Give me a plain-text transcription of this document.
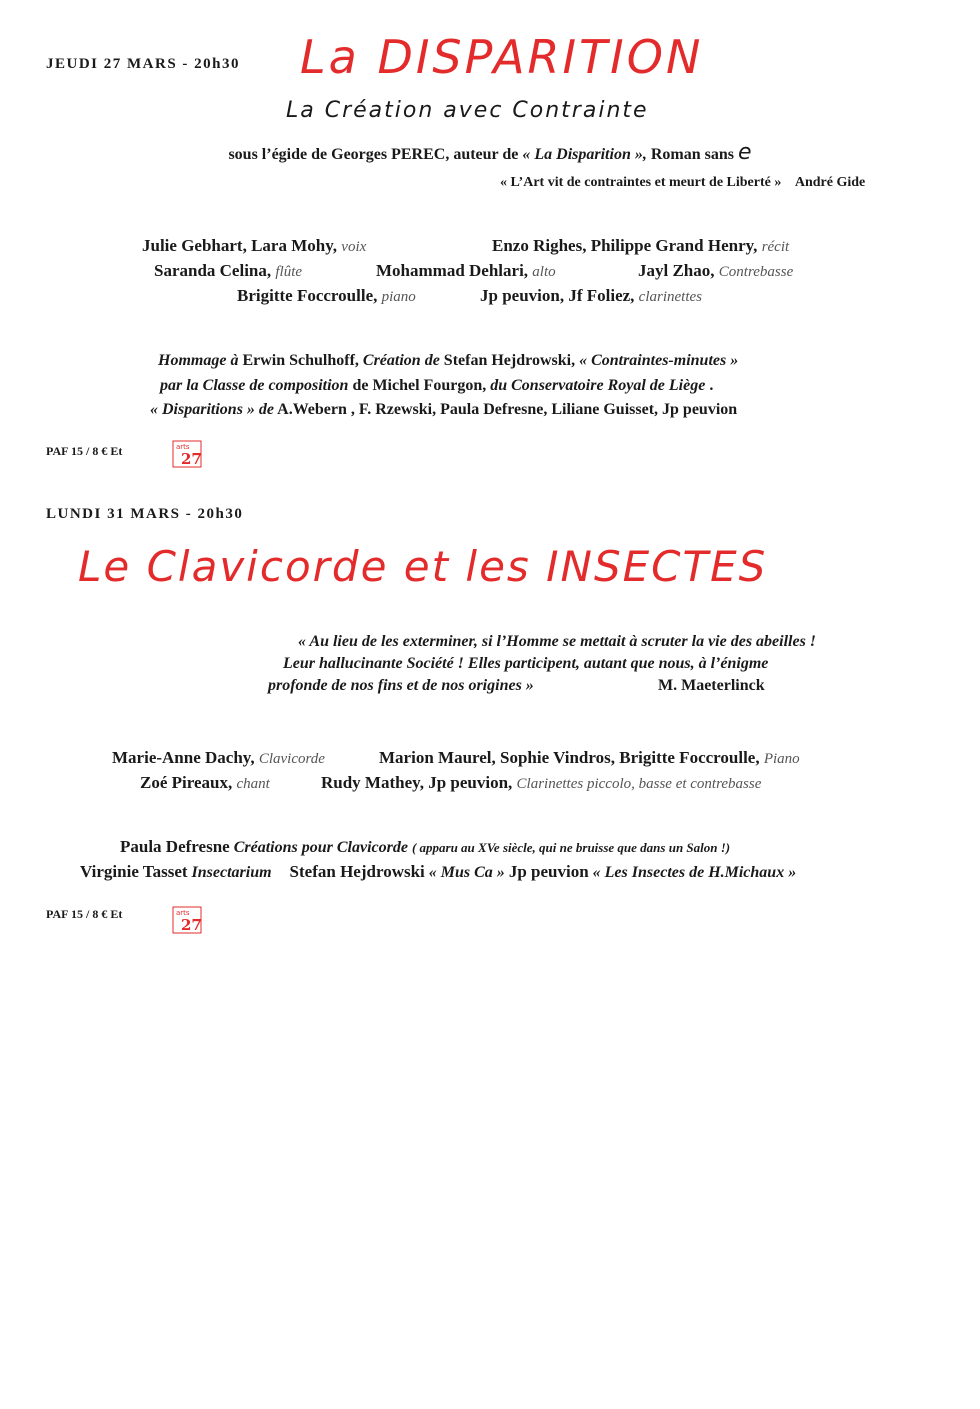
JEUDI 27 MARS - 20h30 La DISPARITION
La Création avec Contrainte
sous l’égide de Georges PEREC, auteur de « La Disparition », Roman sans e
« L’Art vit de contraintes et meurt de Liberté » André Gide
Julie Gebhart, Lara Mohy, voix	Enzo Righes, Philippe Grand Henry, récit
Saranda Celina, flûte	Mohammad Dehlari, alto	Jayl Zhao, Contrebasse
Brigitte Foccroulle, piano	Jp peuvion, Jf Foliez, clarinettes
Hommage à Erwin Schulhoff, Création de Stefan Hejdrowski, « Contraintes-minutes »
par la Classe de composition de Michel Fourgon, du Conservatoire Royal de Liège .
« Disparitions » de A.Webern , F. Rzewski, Paula Defresne, Liliane Guisset, Jp peuvion
PAF 15 / 8 € Et	arts
27
LUNDI 31 MARS - 20h30
Le Clavicorde et les INSECTES
« Au lieu de les exterminer, si l’Homme se mettait à scruter la vie des abeilles !
Leur hallucinante Société ! Elles participent, autant que nous, à l’énigme
profonde de nos fins et de nos origines »	M. Maeterlinck
Marie-Anne Dachy, Clavicorde	Marion Maurel, Sophie Vindros, Brigitte Foccroulle, Piano
Zoé Pireaux, chant	Rudy Mathey, Jp peuvion, Clarinettes piccolo, basse et contrebasse
Paula Defresne Créations pour Clavicorde ( apparu au XVe siècle, qui ne bruisse que dans un Salon !)
Virginie Tasset Insectarium Stefan Hejdrowski « Mus Ca » Jp peuvion « Les Insectes de H.Michaux »
PAF 15 / 8 € Et	arts
27
